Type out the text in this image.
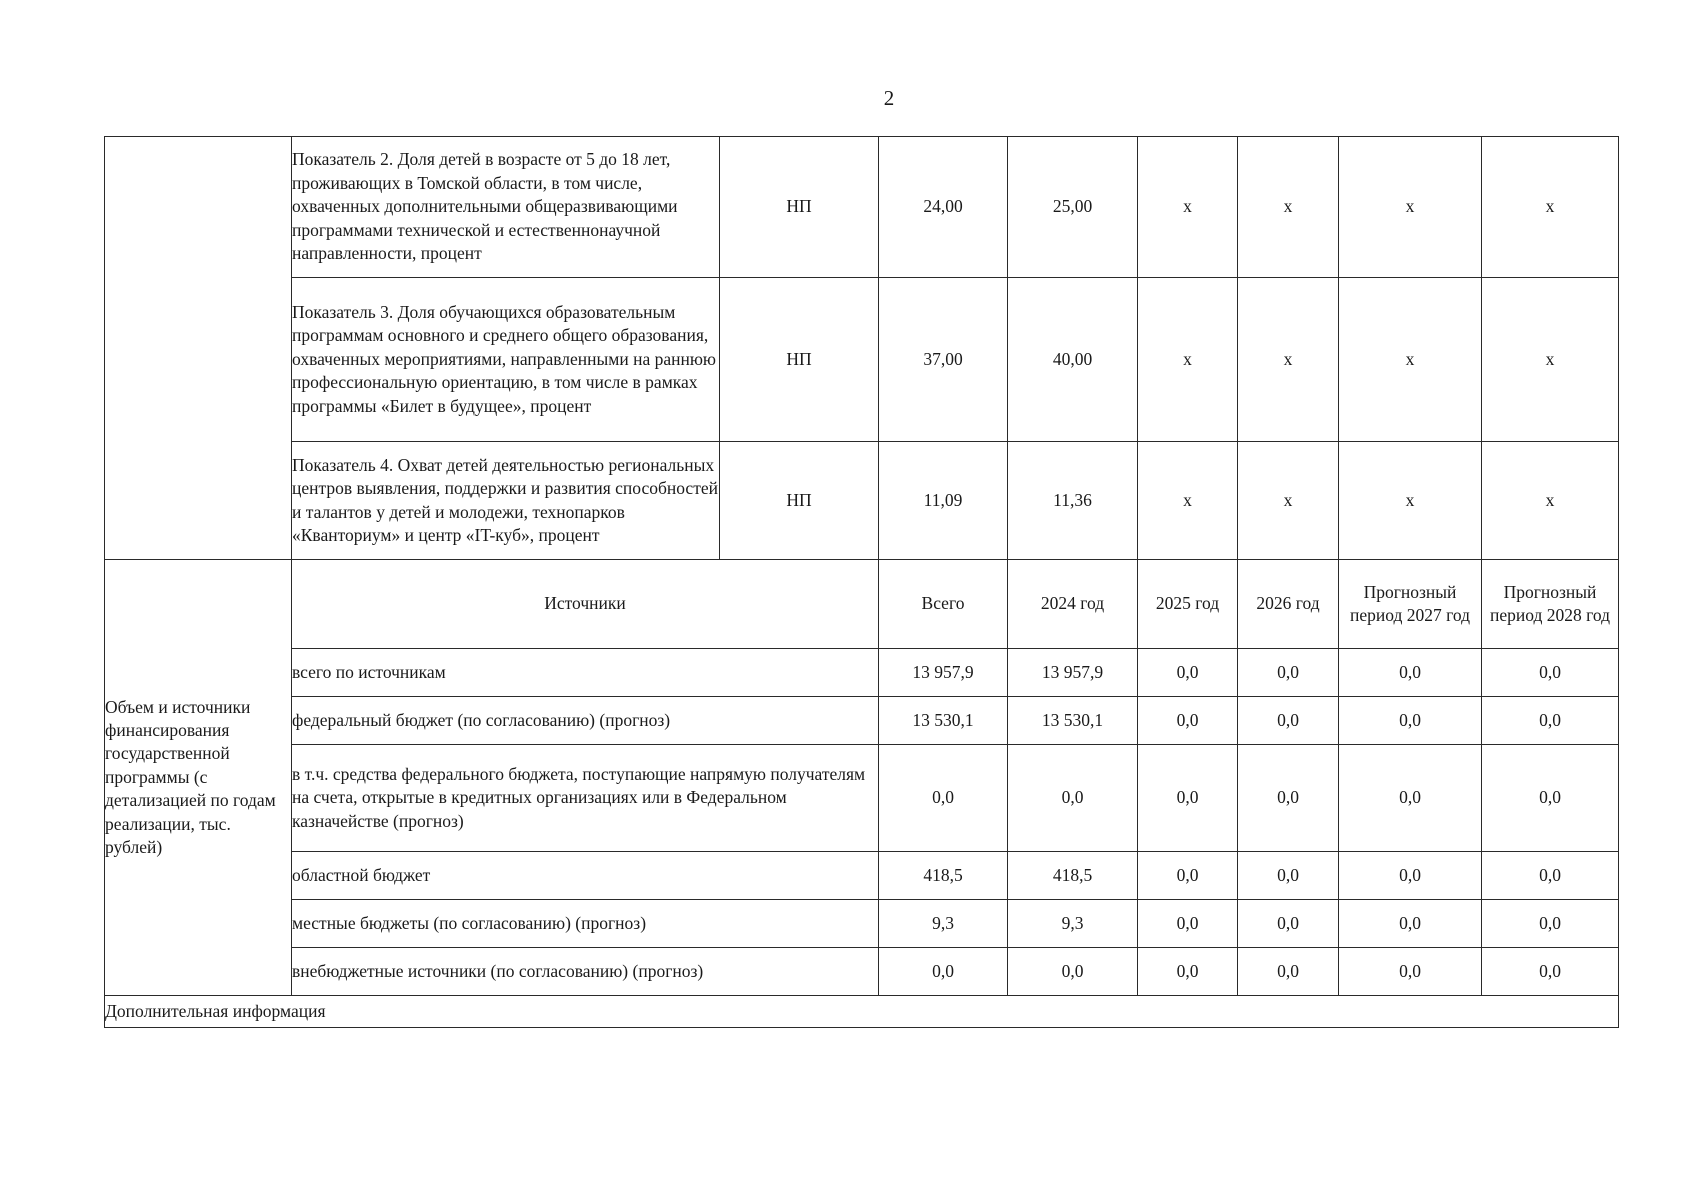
2
	Показатель 2. Доля детей в возрасте от 5 до 18 лет, проживающих в Томской области, в том числе, охваченных дополнительными общеразвивающими программами технической и естественнонаучной направленности, процент	НП	24,00	25,00	x	x	x	x
	Показатель 3. Доля обучающихся образовательным программам основного и среднего общего образования, охваченных мероприятиями, направленными на раннюю профессиональную ориентацию, в том числе в рамках программы «Билет в будущее», процент	НП	37,00	40,00	x	x	x	x
	Показатель 4. Охват детей деятельностью региональных центров выявления, поддержки и развития способностей и талантов у детей и молодежи, технопарков «Кванториум» и центр «IT-куб», процент	НП	11,09	11,36	x	x	x	x
Объем и источники финансирования государственной программы (с детализацией по годам реализации, тыс. рублей)	Источники		Всего	2024 год	2025 год	2026 год	Прогнозный период 2027 год	Прогнозный период 2028 год
	всего по источникам		13 957,9	13 957,9	0,0	0,0	0,0	0,0
	федеральный бюджет (по согласованию) (прогноз)		13 530,1	13 530,1	0,0	0,0	0,0	0,0
	в т.ч. средства федерального бюджета, поступающие напрямую получателям на счета, открытые в кредитных организациях или в Федеральном казначействе (прогноз)		0,0	0,0	0,0	0,0	0,0	0,0
	областной бюджет		418,5	418,5	0,0	0,0	0,0	0,0
	местные бюджеты (по согласованию) (прогноз)		9,3	9,3	0,0	0,0	0,0	0,0
	внебюджетные источники (по согласованию) (прогноз)		0,0	0,0	0,0	0,0	0,0	0,0
Дополнительная информация								
